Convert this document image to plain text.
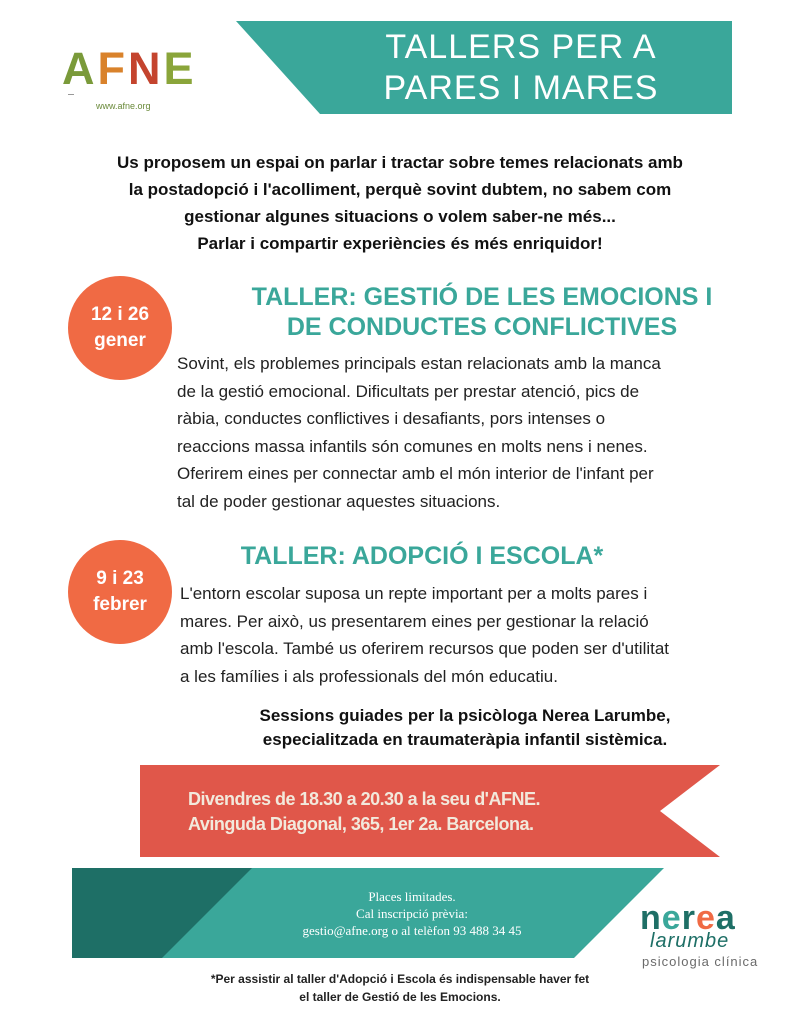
AFNE
www.afne.org
TALLERS PER A
PARES I MARES
Us proposem un espai on parlar i tractar sobre temes relacionats amb
la postadopció i l'acolliment, perquè sovint dubtem, no sabem com
gestionar algunes situacions o volem saber-ne més...
Parlar i compartir experiències és més enriquidor!
12 i 26
gener
TALLER: GESTIÓ DE LES EMOCIONS I
DE CONDUCTES CONFLICTIVES
Sovint, els problemes principals estan relacionats amb la manca
de la gestió emocional. Dificultats per prestar atenció, pics de
ràbia, conductes conflictives i desafiants, pors intenses o
reaccions massa infantils són comunes en molts nens i nenes.
Oferirem eines per connectar amb el món interior de l'infant per
tal de poder gestionar aquestes situacions.
9 i 23
febrer
TALLER: ADOPCIÓ I ESCOLA*
L'entorn escolar suposa un repte important per a molts pares i
mares. Per això, us presentarem eines per gestionar la relació
amb l'escola. També us oferirem recursos que poden ser d'utilitat
a les famílies i als professionals del món educatiu.
Sessions guiades per la psicòloga Nerea Larumbe,
especialitzada en traumateràpia infantil sistèmica.
Divendres de 18.30 a 20.30 a la seu d'AFNE.
Avinguda Diagonal, 365, 1er 2a. Barcelona.
Places limitades.
Cal inscripció prèvia:
gestio@afne.org o al telèfon 93 488 34 45	nerea
larumbe
psicologia clínica
*Per assistir al taller d'Adopció i Escola és indispensable haver fet
el taller de Gestió de les Emocions.
